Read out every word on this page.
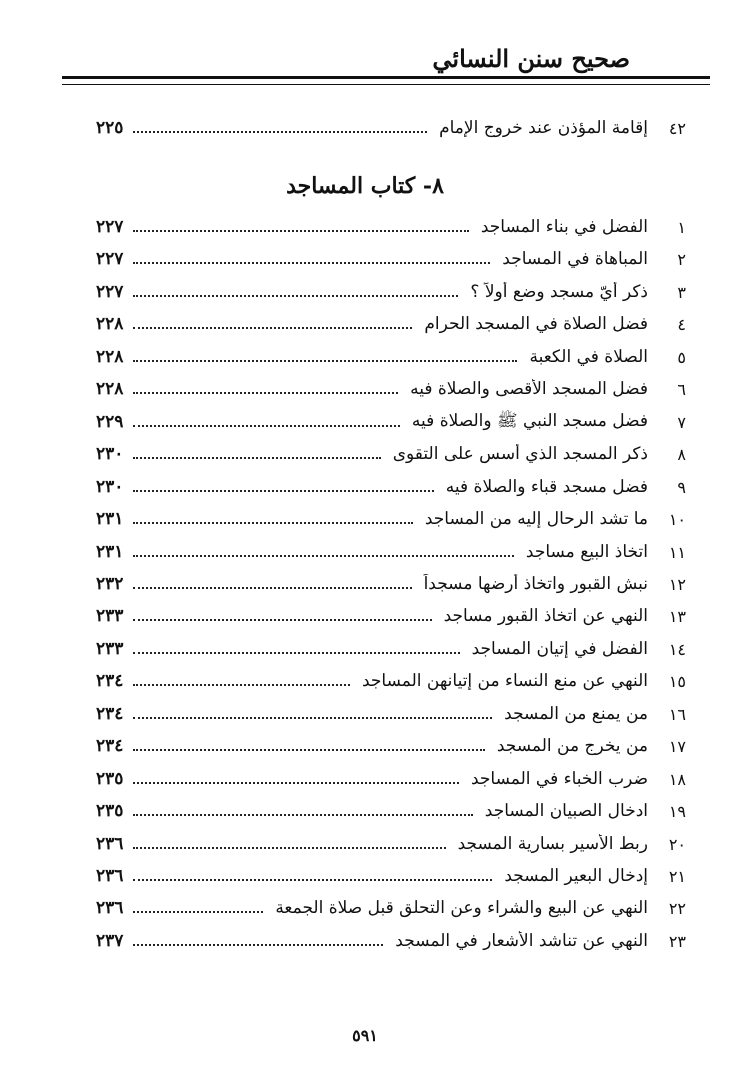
صحيح سنن النسائي
٤٢
إقامة المؤذن عند خروج الإمام
٢٢٥
٨- كتاب المساجد
١
الفضل في بناء المساجد
٢٢٧
٢
المباهاة في المساجد
٢٢٧
٣
ذكر أيّ مسجد وضع أولاً ؟
٢٢٧
٤
فضل الصلاة في المسجد الحرام
٢٢٨
٥
الصلاة في الكعبة
٢٢٨
٦
فضل المسجد الأقصى والصلاة فيه
٢٢٨
٧
فضل مسجد النبي ﷺ والصلاة فيه
٢٢٩
٨
ذكر المسجد الذي أسس على التقوى
٢٣٠
٩
فضل مسجد قباء والصلاة فيه
٢٣٠
١٠
ما تشد الرحال إليه من المساجد
٢٣١
١١
اتخاذ البيع مساجد
٢٣١
١٢
نبش القبور واتخاذ أرضها مسجداً
٢٣٢
١٣
النهي عن اتخاذ القبور مساجد
٢٣٣
١٤
الفضل في إتيان المساجد
٢٣٣
١٥
النهي عن منع النساء من إتيانهن المساجد
٢٣٤
١٦
من يمنع من المسجد
٢٣٤
١٧
من يخرج من المسجد
٢٣٤
١٨
ضرب الخباء في المساجد
٢٣٥
١٩
ادخال الصبيان المساجد
٢٣٥
٢٠
ربط الأسير بسارية المسجد
٢٣٦
٢١
إدخال البعير المسجد
٢٣٦
٢٢
النهي عن البيع والشراء وعن التحلق قبل صلاة الجمعة
٢٣٦
٢٣
النهي عن تناشد الأشعار في المسجد
٢٣٧
٥٩١
